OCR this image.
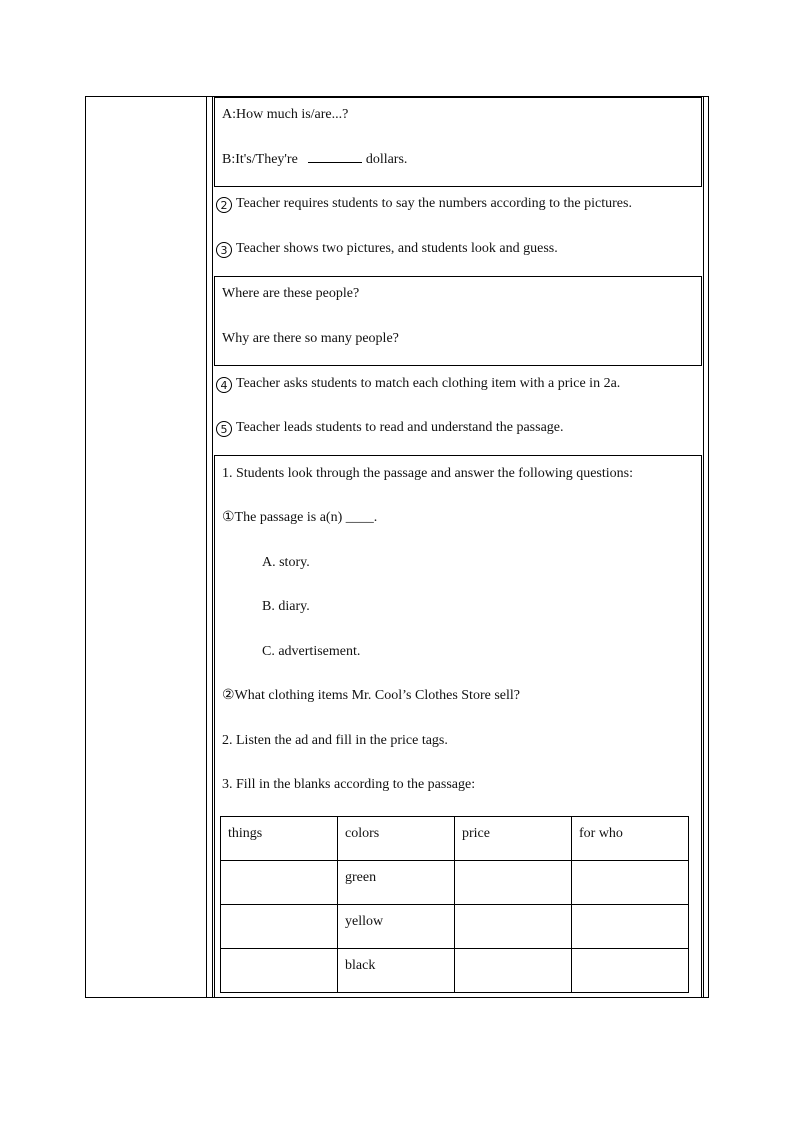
A:How much is/are...?
B:It's/They're	dollars.
2 Teacher requires students to say the numbers according to the pictures.
3 Teacher shows two pictures, and students look and guess.
Where are these people?
Why are there so many people?
4 Teacher asks students to match each clothing item with a price in 2a.
5 Teacher leads students to read and understand the passage.
1. Students look through the passage and answer the following questions:
①The passage is a(n) ____.
A. story.
B. diary.
C. advertisement.
②What clothing items Mr. Cool’s Clothes Store sell?
2. Listen the ad and fill in the price tags.
3. Fill in the blanks according to the passage:
things	colors	price	for who
	green		
	yellow		
	black		
